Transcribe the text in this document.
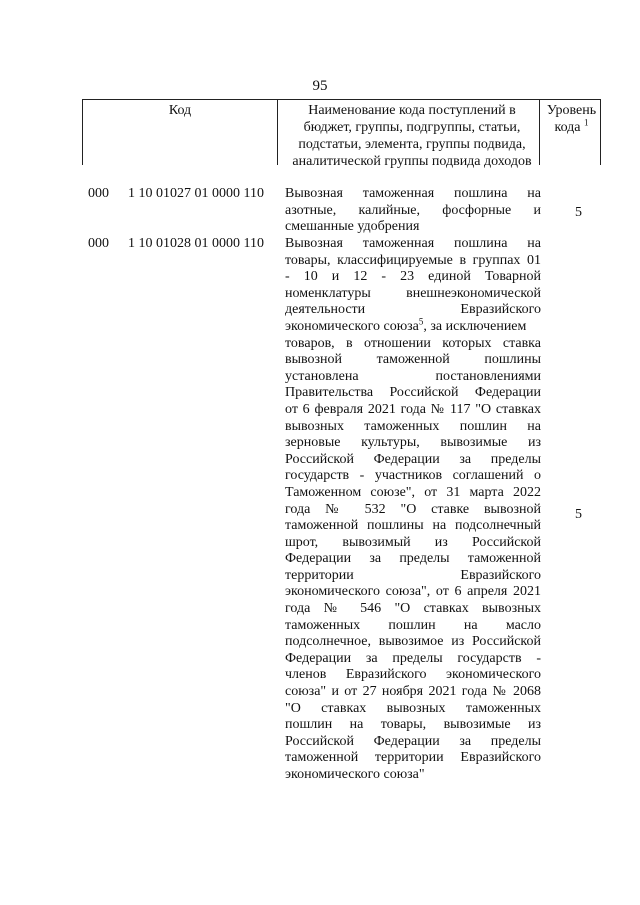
95
Код	Наименование кода поступлений в
бюджет, группы, подгруппы, статьи,
подстатьи, элемента, группы подвида,
аналитической группы подвида доходов
Уровень
кода $^1$
000 1 10 01027 01 0000 110 Вывозная таможенная пошлина на
азотные, калийные, фосфорные и
смешанные удобрения
5
000 1 10 01028 01 0000 110 Вывозная таможенная пошлина на
товары, классифицируемые в группах 01
- 10 и 12 - 23 единой Товарной
номенклатуры внешнеэкономической
деятельности Евразийского
экономического союза$^5$, за исключением
товаров, в отношении которых ставка
вывозной таможенной пошлины
установлена постановлениями
Правительства Российской Федерации
от 6 февраля 2021 года № 117 "О ставках
вывозных таможенных пошлин на
зерновые культуры, вывозимые из
Российской Федерации за пределы
государств - участников соглашений о
Таможенном союзе", от 31 марта 2022
года № 532 "О ставке вывозной
таможенной пошлины на подсолнечный
шрот, вывозимый из Российской
Федерации за пределы таможенной
территории Евразийского
экономического союза", от 6 апреля 2021
года № 546 "О ставках вывозных
таможенных пошлин на масло
подсолнечное, вывозимое из Российской
Федерации за пределы государств -
членов Евразийского экономического
союза" и от 27 ноября 2021 года № 2068
"О ставках вывозных таможенных
пошлин на товары, вывозимые из
Российской Федерации за пределы
таможенной территории Евразийского
экономического союза"
5
